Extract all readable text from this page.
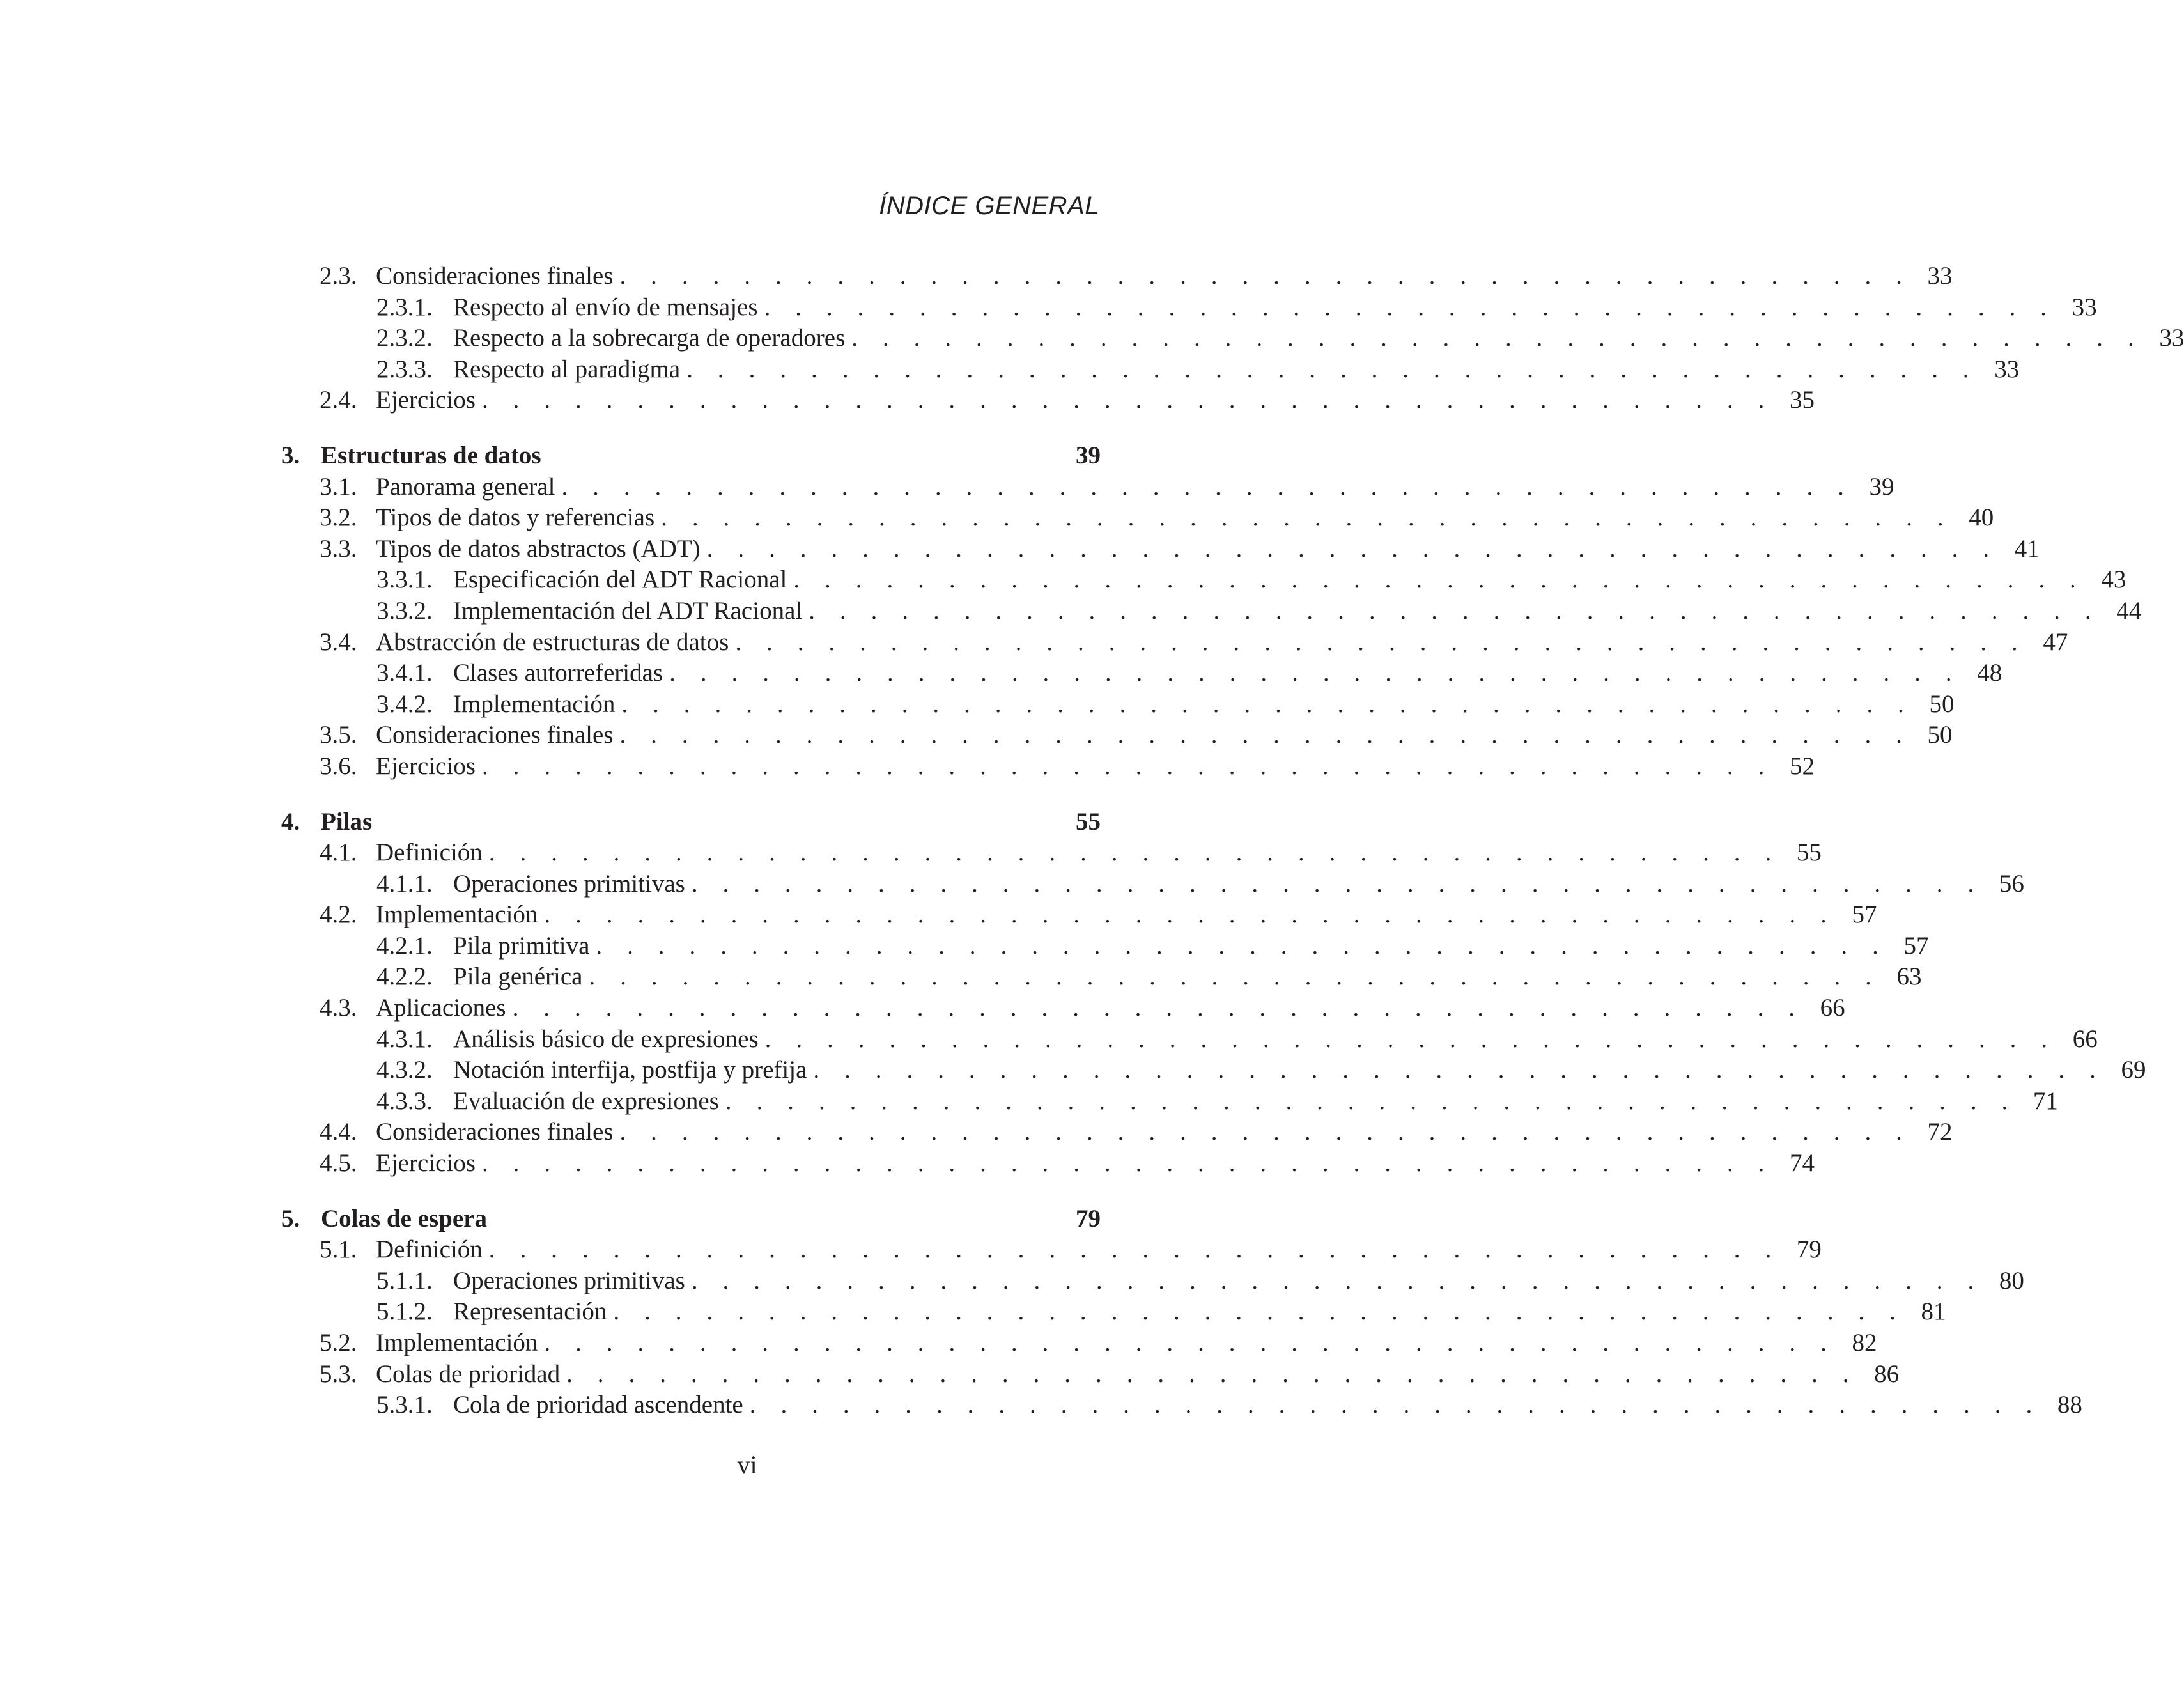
ÍNDICE GENERAL
2.3. Consideraciones finales . . . . . . . . . . . . . . . . . . . . . . . . . . . . . . . . . . . . . . . . . . 33
2.3.1. Respecto al envío de mensajes . . . . . . . . . . . . . . . . . . . . . . . . . . . . . . . . . . . . . . . . . . 33
2.3.2. Respecto a la sobrecarga de operadores . . . . . . . . . . . . . . . . . . . . . . . . . . . . . . . . . . . . . . . . . . 33
2.3.3. Respecto al paradigma . . . . . . . . . . . . . . . . . . . . . . . . . . . . . . . . . . . . . . . . . . 33
2.4. Ejercicios . . . . . . . . . . . . . . . . . . . . . . . . . . . . . . . . . . . . . . . . . . 35
3. Estructuras de datos	39
3.1. Panorama general . . . . . . . . . . . . . . . . . . . . . . . . . . . . . . . . . . . . . . . . . . 39
3.2. Tipos de datos y referencias . . . . . . . . . . . . . . . . . . . . . . . . . . . . . . . . . . . . . . . . . . 40
3.3. Tipos de datos abstractos (ADT) . . . . . . . . . . . . . . . . . . . . . . . . . . . . . . . . . . . . . . . . . . 41
3.3.1. Especificación del ADT Racional . . . . . . . . . . . . . . . . . . . . . . . . . . . . . . . . . . . . . . . . . . 43
3.3.2. Implementación del ADT Racional . . . . . . . . . . . . . . . . . . . . . . . . . . . . . . . . . . . . . . . . . . 44
3.4. Abstracción de estructuras de datos . . . . . . . . . . . . . . . . . . . . . . . . . . . . . . . . . . . . . . . . . . 47
3.4.1. Clases autorreferidas . . . . . . . . . . . . . . . . . . . . . . . . . . . . . . . . . . . . . . . . . . 48
3.4.2. Implementación . . . . . . . . . . . . . . . . . . . . . . . . . . . . . . . . . . . . . . . . . . 50
3.5. Consideraciones finales . . . . . . . . . . . . . . . . . . . . . . . . . . . . . . . . . . . . . . . . . . 50
3.6. Ejercicios . . . . . . . . . . . . . . . . . . . . . . . . . . . . . . . . . . . . . . . . . . 52
4. Pilas	55
4.1. Definición . . . . . . . . . . . . . . . . . . . . . . . . . . . . . . . . . . . . . . . . . . 55
4.1.1. Operaciones primitivas . . . . . . . . . . . . . . . . . . . . . . . . . . . . . . . . . . . . . . . . . . 56
4.2. Implementación . . . . . . . . . . . . . . . . . . . . . . . . . . . . . . . . . . . . . . . . . . 57
4.2.1. Pila primitiva . . . . . . . . . . . . . . . . . . . . . . . . . . . . . . . . . . . . . . . . . . 57
4.2.2. Pila genérica . . . . . . . . . . . . . . . . . . . . . . . . . . . . . . . . . . . . . . . . . . 63
4.3. Aplicaciones . . . . . . . . . . . . . . . . . . . . . . . . . . . . . . . . . . . . . . . . . . 66
4.3.1. Análisis básico de expresiones . . . . . . . . . . . . . . . . . . . . . . . . . . . . . . . . . . . . . . . . . . 66
4.3.2. Notación interfija, postfija y prefija . . . . . . . . . . . . . . . . . . . . . . . . . . . . . . . . . . . . . . . . . . 69
4.3.3. Evaluación de expresiones . . . . . . . . . . . . . . . . . . . . . . . . . . . . . . . . . . . . . . . . . . 71
4.4. Consideraciones finales . . . . . . . . . . . . . . . . . . . . . . . . . . . . . . . . . . . . . . . . . . 72
4.5. Ejercicios . . . . . . . . . . . . . . . . . . . . . . . . . . . . . . . . . . . . . . . . . . 74
5. Colas de espera	79
5.1. Definición . . . . . . . . . . . . . . . . . . . . . . . . . . . . . . . . . . . . . . . . . . 79
5.1.1. Operaciones primitivas . . . . . . . . . . . . . . . . . . . . . . . . . . . . . . . . . . . . . . . . . . 80
5.1.2. Representación . . . . . . . . . . . . . . . . . . . . . . . . . . . . . . . . . . . . . . . . . . 81
5.2. Implementación . . . . . . . . . . . . . . . . . . . . . . . . . . . . . . . . . . . . . . . . . . 82
5.3. Colas de prioridad . . . . . . . . . . . . . . . . . . . . . . . . . . . . . . . . . . . . . . . . . . 86
5.3.1. Cola de prioridad ascendente . . . . . . . . . . . . . . . . . . . . . . . . . . . . . . . . . . . . . . . . . . 88
vi
